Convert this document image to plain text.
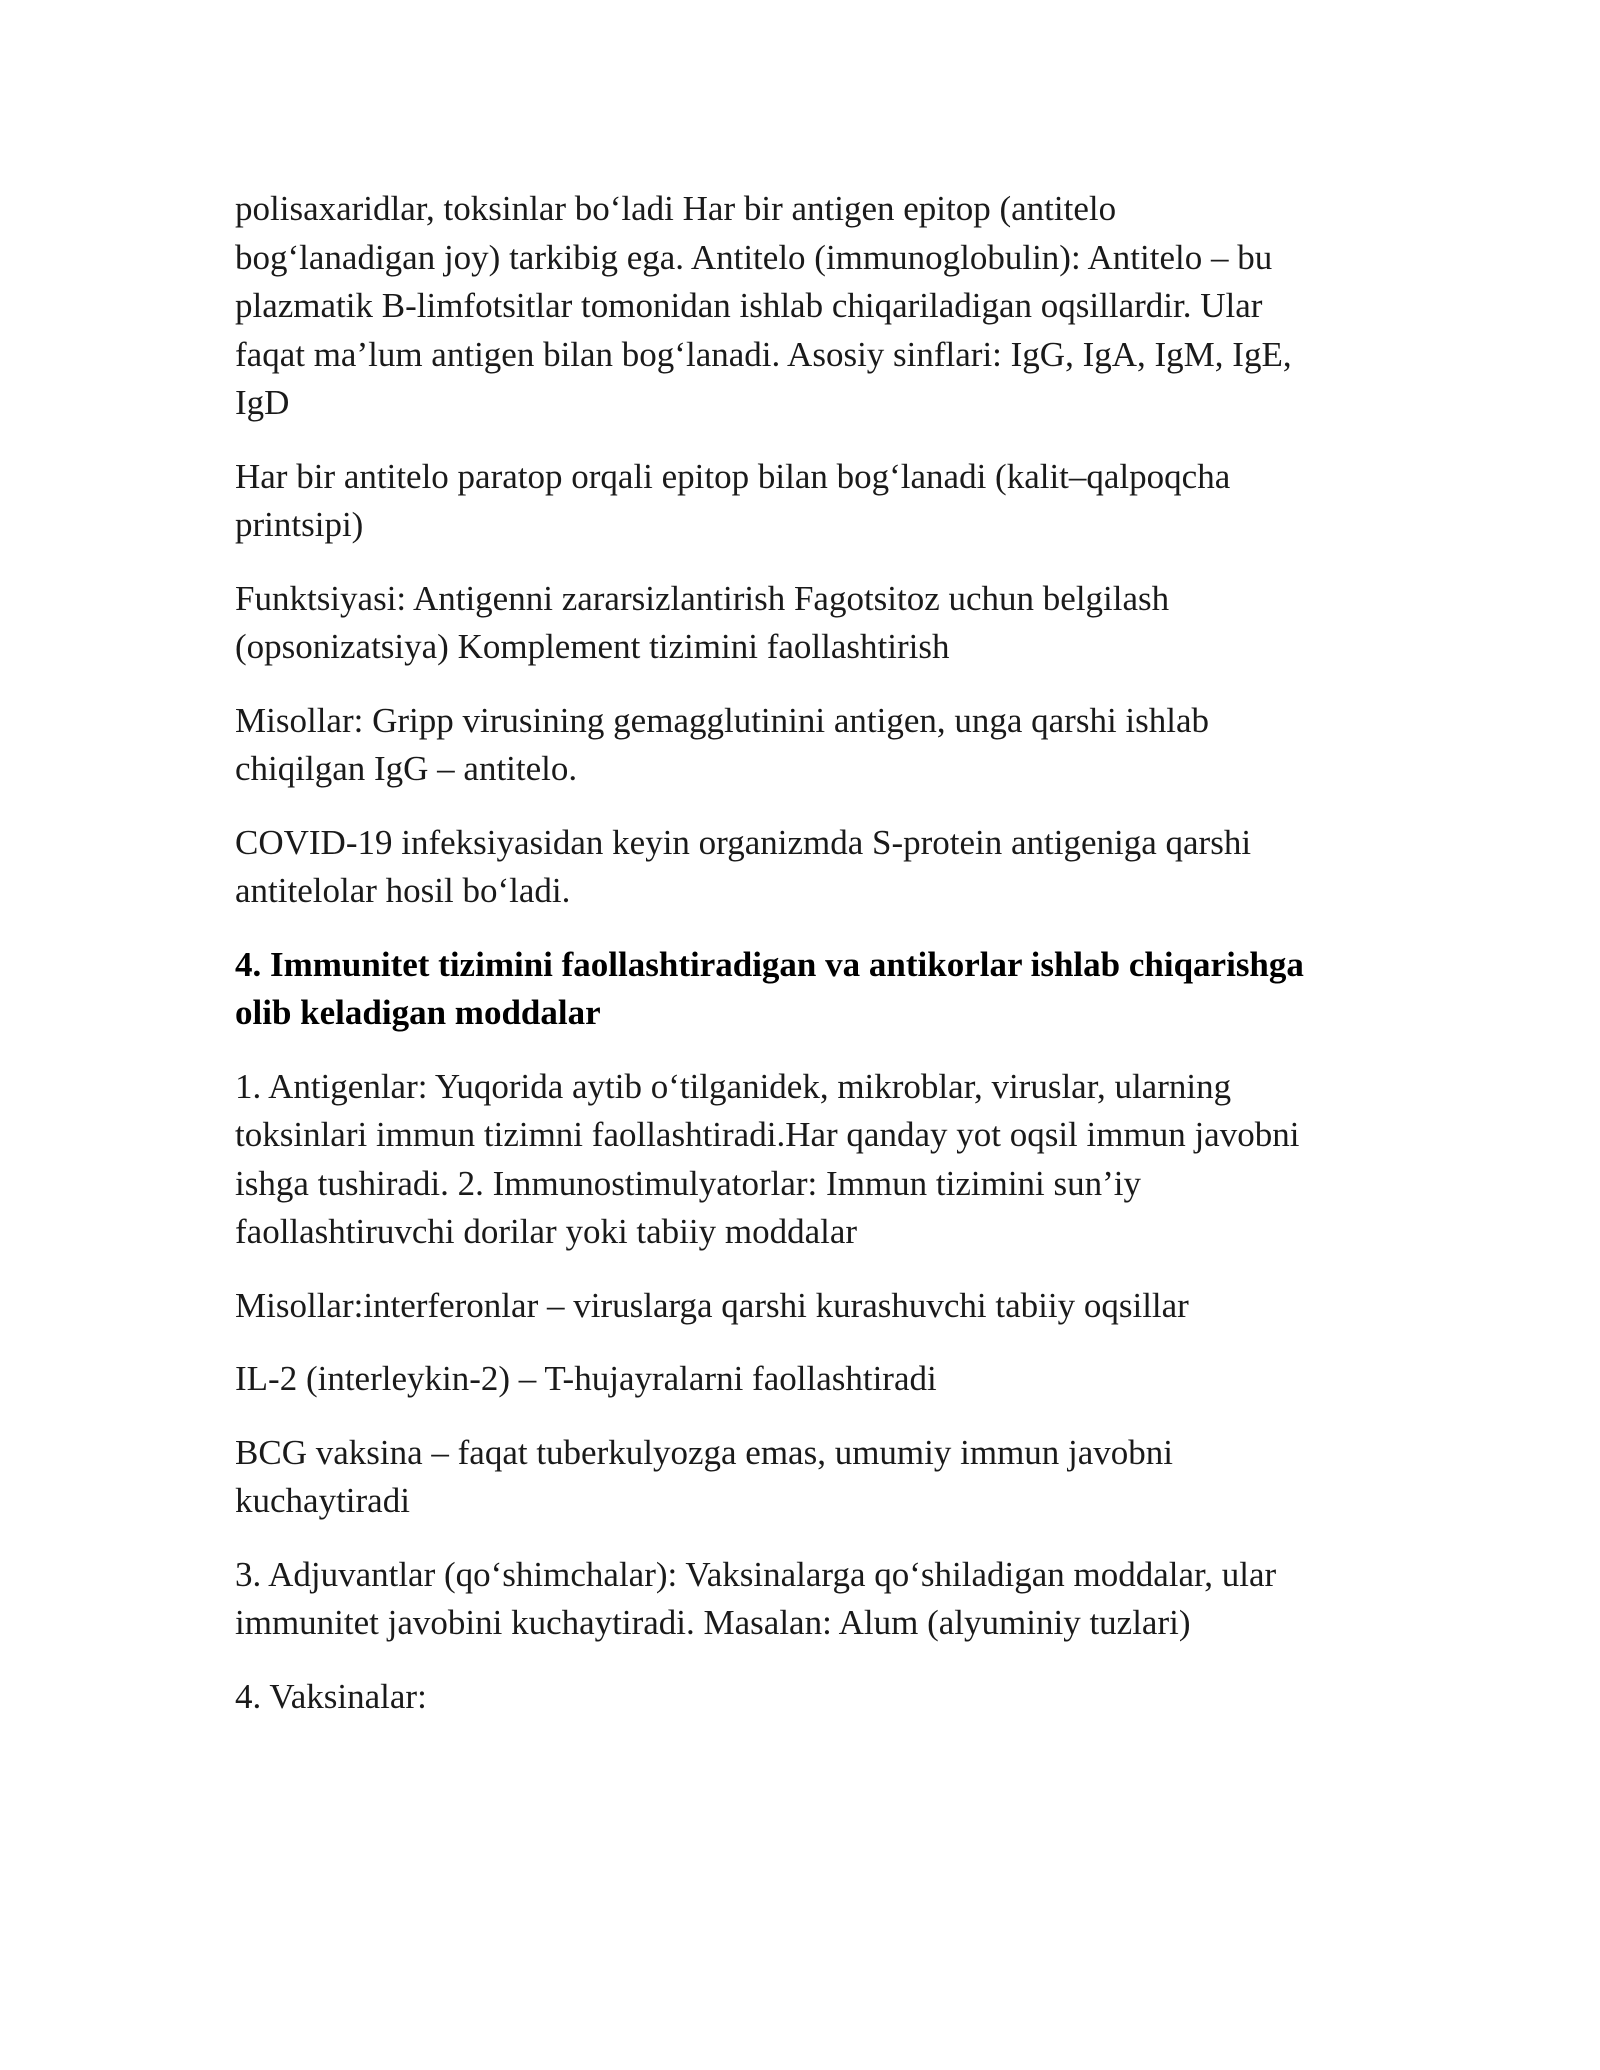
polisaxaridlar, toksinlar bo‘ladi Har bir antigen epitop (antitelo
bog‘lanadigan joy) tarkibig ega. Antitelo (immunoglobulin): Antitelo – bu
plazmatik B-limfotsitlar tomonidan ishlab chiqariladigan oqsillardir. Ular
faqat ma’lum antigen bilan bog‘lanadi. Asosiy sinflari: IgG, IgA, IgM, IgE,
IgD

Har bir antitelo paratop orqali epitop bilan bog‘lanadi (kalit–qalpoqcha
printsipi)

Funktsiyasi: Antigenni zararsizlantirish Fagotsitoz uchun belgilash
(opsonizatsiya) Komplement tizimini faollashtirish

Misollar: Gripp virusining gemagglutinini antigen, unga qarshi ishlab
chiqilgan IgG – antitelo.

COVID-19 infeksiyasidan keyin organizmda S-protein antigeniga qarshi
antitelolar hosil bo‘ladi.

4. Immunitet tizimini faollashtiradigan va antikorlar ishlab chiqarishga
olib keladigan moddalar

1. Antigenlar: Yuqorida aytib o‘tilganidek, mikroblar, viruslar, ularning
toksinlari immun tizimni faollashtiradi.Har qanday yot oqsil immun javobni
ishga tushiradi. 2. Immunostimulyatorlar: Immun tizimini sun’iy
faollashtiruvchi dorilar yoki tabiiy moddalar

Misollar:interferonlar – viruslarga qarshi kurashuvchi tabiiy oqsillar

IL-2 (interleykin-2) – T-hujayralarni faollashtiradi

BCG vaksina – faqat tuberkulyozga emas, umumiy immun javobni
kuchaytiradi

3. Adjuvantlar (qo‘shimchalar): Vaksinalarga qo‘shiladigan moddalar, ular
immunitet javobini kuchaytiradi. Masalan: Alum (alyuminiy tuzlari)

4. Vaksinalar:
